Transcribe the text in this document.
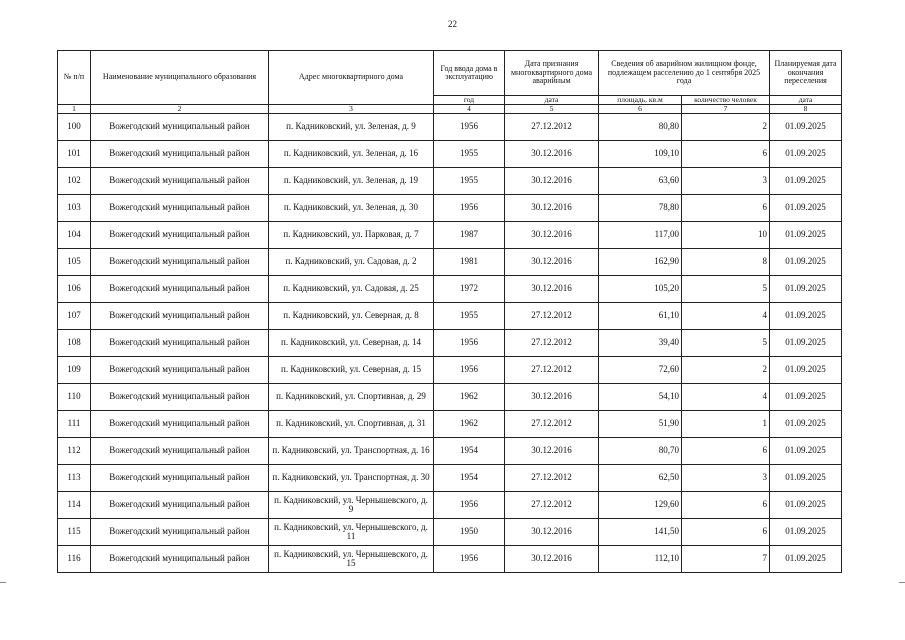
22
№ п/п	Наименование муниципального образования	Адрес многоквартирного дома	Год ввода дома в эксплуатацию	Дата признания многоквартирного дома аварийным	Сведения об аварийном жилищном фонде, подлежащем расселению до 1 сентября 2025 года		Планируемая дата окончания переселения
			год	дата	площадь, кв.м	количество человек	дата
1	2	3	4	5	6	7	8
100	Вожегодский муниципальный район	п. Кадниковский, ул. Зеленая, д. 9	1956	27.12.2012	80,80	2	01.09.2025
101	Вожегодский муниципальный район	п. Кадниковский, ул. Зеленая, д. 16	1955	30.12.2016	109,10	6	01.09.2025
102	Вожегодский муниципальный район	п. Кадниковский, ул. Зеленая, д. 19	1955	30.12.2016	63,60	3	01.09.2025
103	Вожегодский муниципальный район	п. Кадниковский, ул. Зеленая, д. 30	1956	30.12.2016	78,80	6	01.09.2025
104	Вожегодский муниципальный район	п. Кадниковский, ул. Парковая, д. 7	1987	30.12.2016	117,00	10	01.09.2025
105	Вожегодский муниципальный район	п. Кадниковский, ул. Садовая, д. 2	1981	30.12.2016	162,90	8	01.09.2025
106	Вожегодский муниципальный район	п. Кадниковский, ул. Садовая, д. 25	1972	30.12.2016	105,20	5	01.09.2025
107	Вожегодский муниципальный район	п. Кадниковский, ул. Северная, д. 8	1955	27.12.2012	61,10	4	01.09.2025
108	Вожегодский муниципальный район	п. Кадниковский, ул. Северная, д. 14	1956	27.12.2012	39,40	5	01.09.2025
109	Вожегодский муниципальный район	п. Кадниковский, ул. Северная, д. 15	1956	27.12.2012	72,60	2	01.09.2025
110	Вожегодский муниципальный район	п. Кадниковский, ул. Спортивная, д. 29	1962	30.12.2016	54,10	4	01.09.2025
111	Вожегодский муниципальный район	п. Кадниковский, ул. Спортивная, д. 31	1962	27.12.2012	51,90	1	01.09.2025
112	Вожегодский муниципальный район	п. Кадниковский, ул. Транспортная, д. 16	1954	30.12.2016	80,70	6	01.09.2025
113	Вожегодский муниципальный район	п. Кадниковский, ул. Транспортная, д. 30	1954	27.12.2012	62,50	3	01.09.2025
114	Вожегодский муниципальный район	п. Кадниковский, ул. Чернышевского, д. 9	1956	27.12.2012	129,60	6	01.09.2025
115	Вожегодский муниципальный район	п. Кадниковский, ул. Чернышевского, д. 11	1950	30.12.2016	141,50	6	01.09.2025
116	Вожегодский муниципальный район	п. Кадниковский, ул. Чернышевского, д. 15	1956	30.12.2016	112,10	7	01.09.2025
